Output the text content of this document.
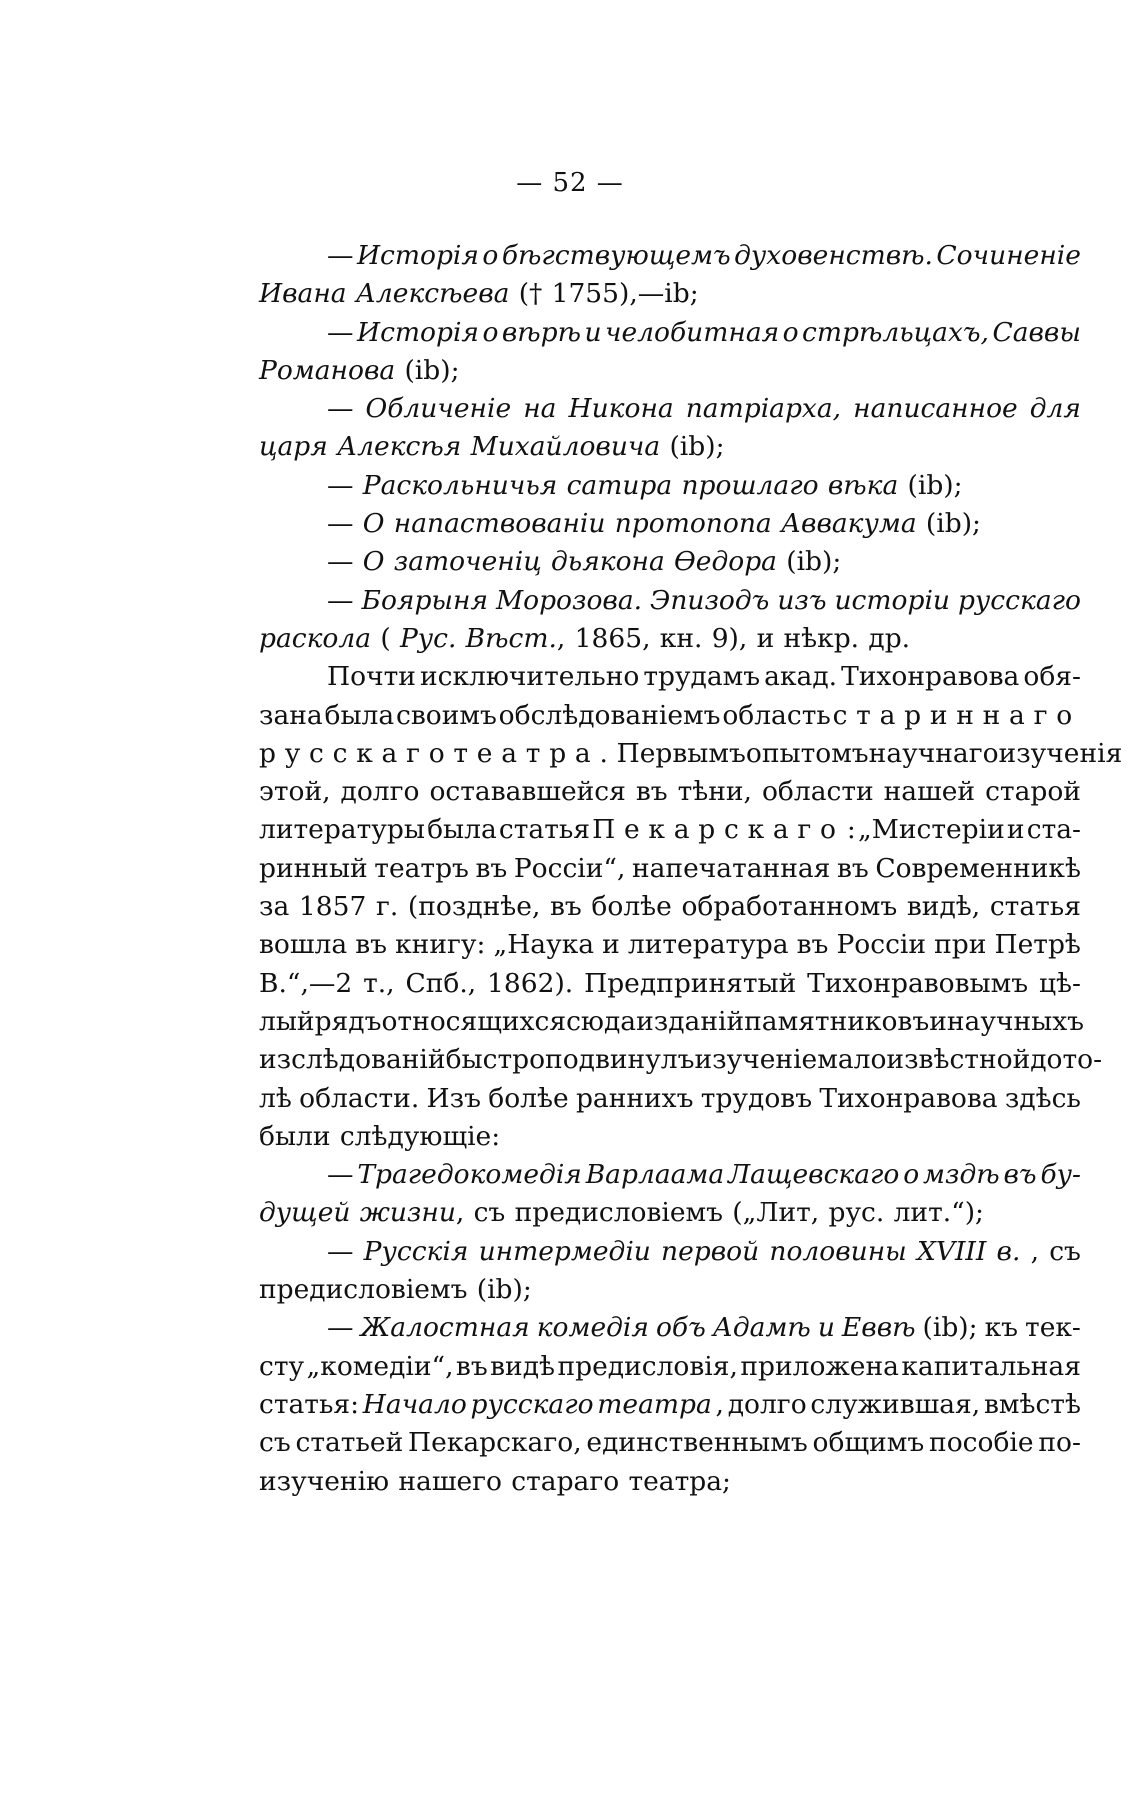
— 52 —
— Исторія о бѣгствующемъ духовенствѣ. Сочиненіе
Ивана Алексѣева († 1755),—ib;
— Исторія о вѣрѣ и челобитная о стрѣльцахъ, Саввы
Романова (ib);
— Обличеніе на Никона патріарха, написанное для
царя Алексѣя Михайловича (ib);
— Раскольничья сатира прошлаго вѣка (ib);
— О напаствованіи протопопа Аввакума (ib);
— О заточеніц дьякона Ѳедора (ib);
— Боярыня Морозова. Эпизодъ изъ исторіи русскаго
раскола ( Рус. Вѣст. , 1865, кн. 9), и нѣкр. др.
Почти исключительно трудамъ акад. Тихонравова обя-
зана была своимъ обслѣдованіемъ область стариннаго
русскаго театра. Первымъ опытомъ научнаго изученія
этой, долго остававшейся въ тѣни, области нашей старой
литературы была статья Пекарскаго : „Мистеріи и ста-
ринный театръ въ Россіи“, напечатанная въ Современникѣ
за 1857 г. (позднѣе, въ болѣе обработанномъ видѣ, статья
вошла въ книгу: „Наука и литература въ Россіи при Петрѣ
В.“,—2 т., Спб., 1862). Предпринятый Тихонравовымъ цѣ-
лый рядъ относящихся сюда изданій памятниковъ и научныхъ
изслѣдованій быстро подвинулъ изученіе малоизвѣстной дото-
лѣ области. Изъ болѣе раннихъ трудовъ Тихонравова здѣсь
были слѣдующіе:
— Трагедокомедія Варлаама Лащевскаго о мздѣ въ бу-
дущей жизни , съ предисловіемъ („Лит, рус. лит.“);
— Русскія интермедіи первой половины XVIII в. , съ
предисловіемъ (ib);
— Жалостная комедія объ Адамѣ и Еввѣ (ib); къ тек-
сту „комедіи“, въ видѣ предисловія, приложена капитальная
статья: Начало русскаго театра , долго служившая, вмѣстѣ
съ статьей Пекарскаго, единственнымъ общимъ пособіе по-
изученію нашего стараго театра;
